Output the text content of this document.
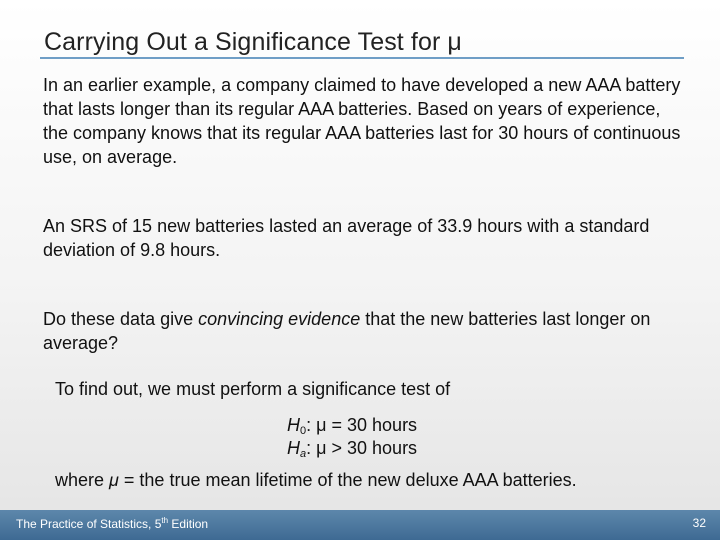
Carrying Out a Significance Test for μ

In an earlier example, a company claimed to have developed a new AAA battery that lasts longer than its regular AAA batteries. Based on years of experience, the company knows that its regular AAA batteries last for 30 hours of continuous use, on average.

An SRS of 15 new batteries lasted an average of 33.9 hours with a standard deviation of 9.8 hours.

Do these data give convincing evidence that the new batteries last longer on average?

To find out, we must perform a significance test of

$H_0$: μ = 30 hours
$H_a$: μ > 30 hours

where μ = the true mean lifetime of the new deluxe AAA batteries.

The Practice of Statistics, 5th Edition	32
